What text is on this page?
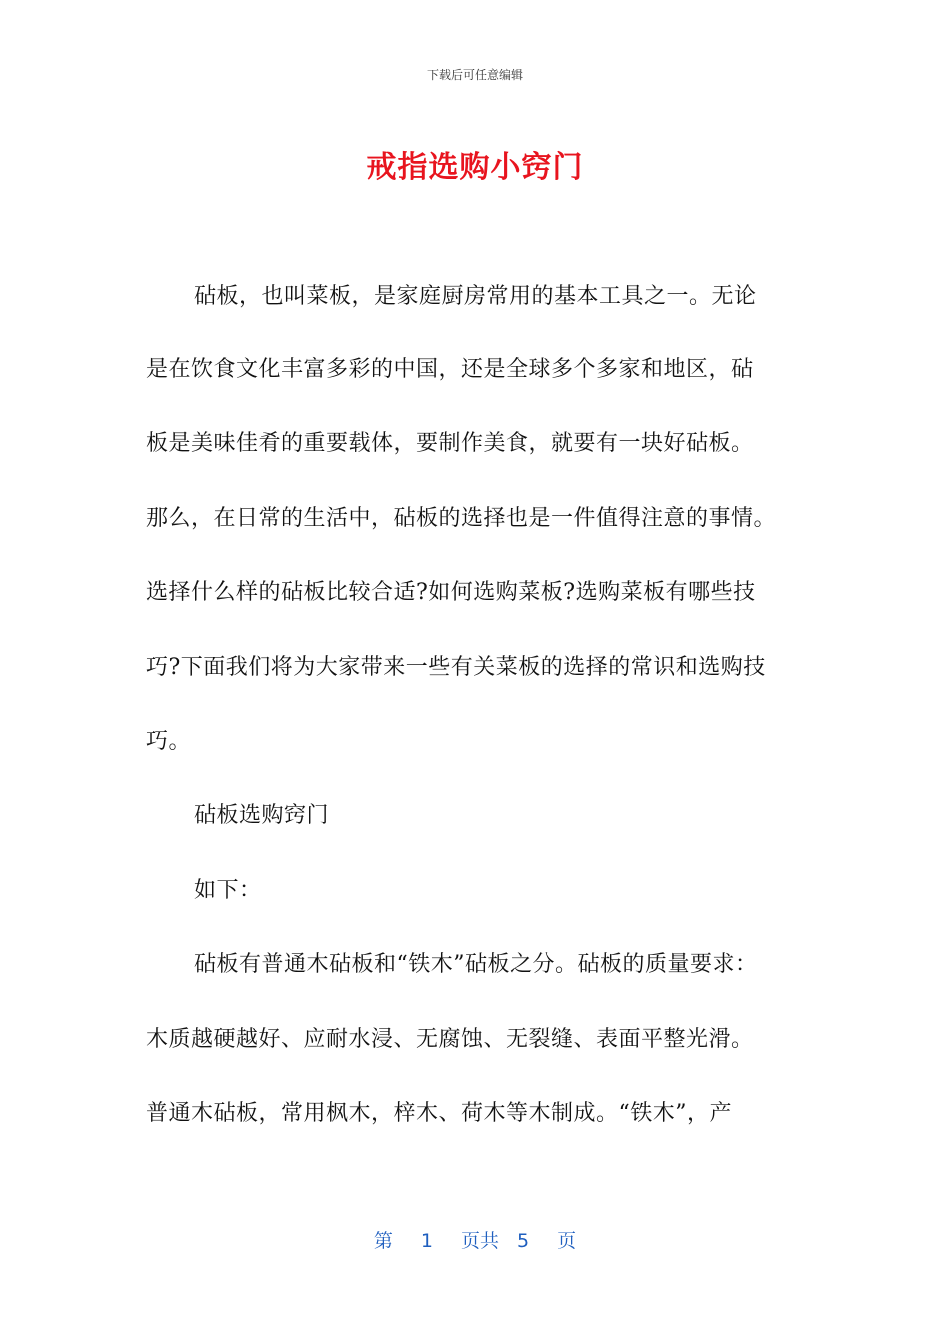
下载后可任意编辑
戒指选购小窍门
砧板，也叫菜板，是家庭厨房常用的基本工具之一。无论
是在饮食文化丰富多彩的中国，还是全球多个多家和地区，砧
板是美味佳肴的重要载体，要制作美食，就要有一块好砧板。
那么，在日常的生活中，砧板的选择也是一件值得注意的事情。
选择什么样的砧板比较合适?如何选购菜板?选购菜板有哪些技
巧?下面我们将为大家带来一些有关菜板的选择的常识和选购技
巧。
砧板选购窍门
如下：
砧板有普通木砧板和“铁木”砧板之分。砧板的质量要求：
木质越硬越好、应耐水浸、无腐蚀、无裂缝、表面平整光滑。
普通木砧板，常用枫木，梓木、荷木等木制成。“铁木”，产
第 1 页共 5 页
